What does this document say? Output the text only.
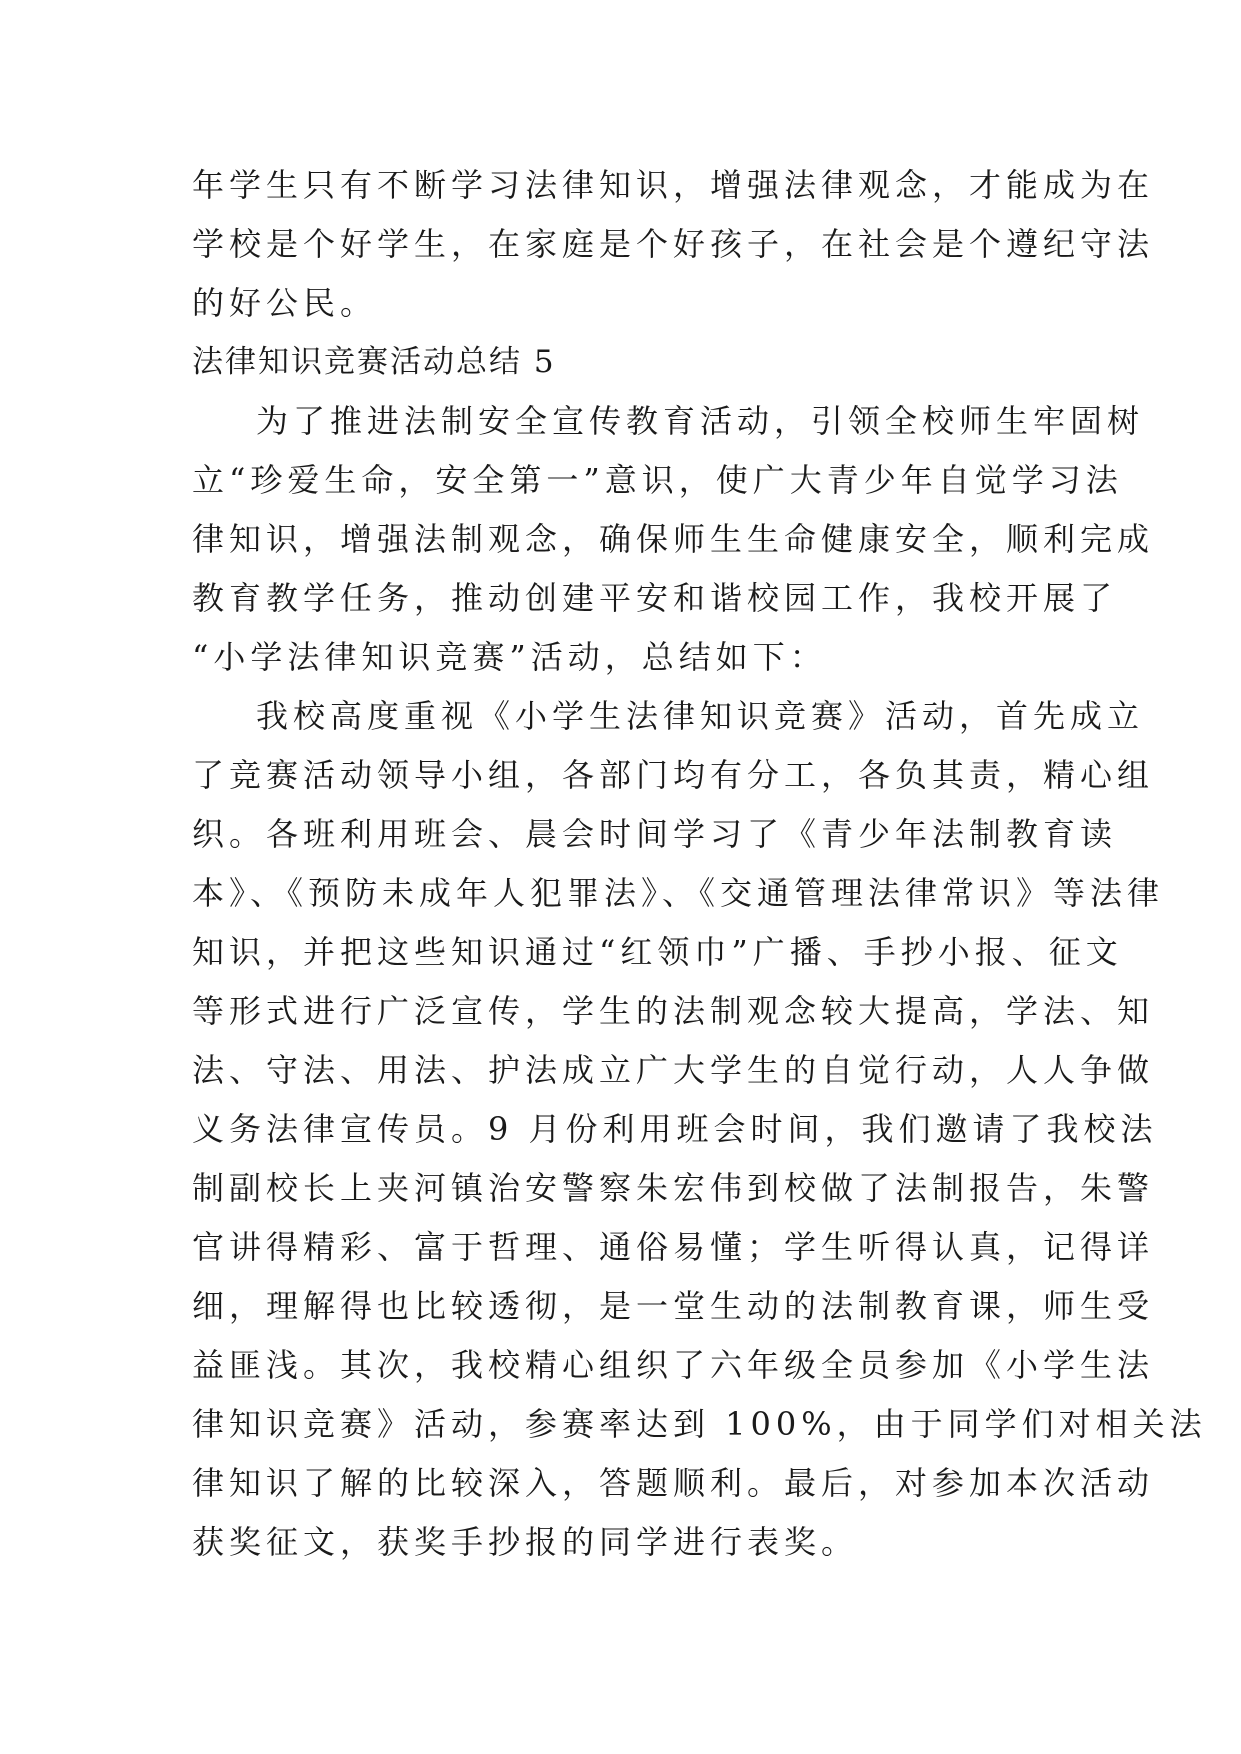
年学生只有不断学习法律知识，增强法律观念，才能成为在
学校是个好学生，在家庭是个好孩子，在社会是个遵纪守法
的好公民。
法律知识竞赛活动总结 5
为了推进法制安全宣传教育活动，引领全校师生牢固树
立“珍爱生命，安全第一”意识，使广大青少年自觉学习法
律知识，增强法制观念，确保师生生命健康安全，顺利完成
教育教学任务，推动创建平安和谐校园工作，我校开展了
“小学法律知识竞赛”活动，总结如下：
我校高度重视《小学生法律知识竞赛》活动，首先成立
了竞赛活动领导小组，各部门均有分工，各负其责，精心组
织。各班利用班会、晨会时间学习了《青少年法制教育读
本》、《预防未成年人犯罪法》、《交通管理法律常识》等法律
知识，并把这些知识通过“红领巾”广播、手抄小报、征文
等形式进行广泛宣传，学生的法制观念较大提高，学法、知
法、守法、用法、护法成立广大学生的自觉行动，人人争做
义务法律宣传员。9 月份利用班会时间，我们邀请了我校法
制副校长上夹河镇治安警察朱宏伟到校做了法制报告，朱警
官讲得精彩、富于哲理、通俗易懂；学生听得认真，记得详
细，理解得也比较透彻，是一堂生动的法制教育课，师生受
益匪浅。其次，我校精心组织了六年级全员参加《小学生法
律知识竞赛》活动，参赛率达到 100%，由于同学们对相关法
律知识了解的比较深入，答题顺利。最后，对参加本次活动
获奖征文，获奖手抄报的同学进行表奖。
